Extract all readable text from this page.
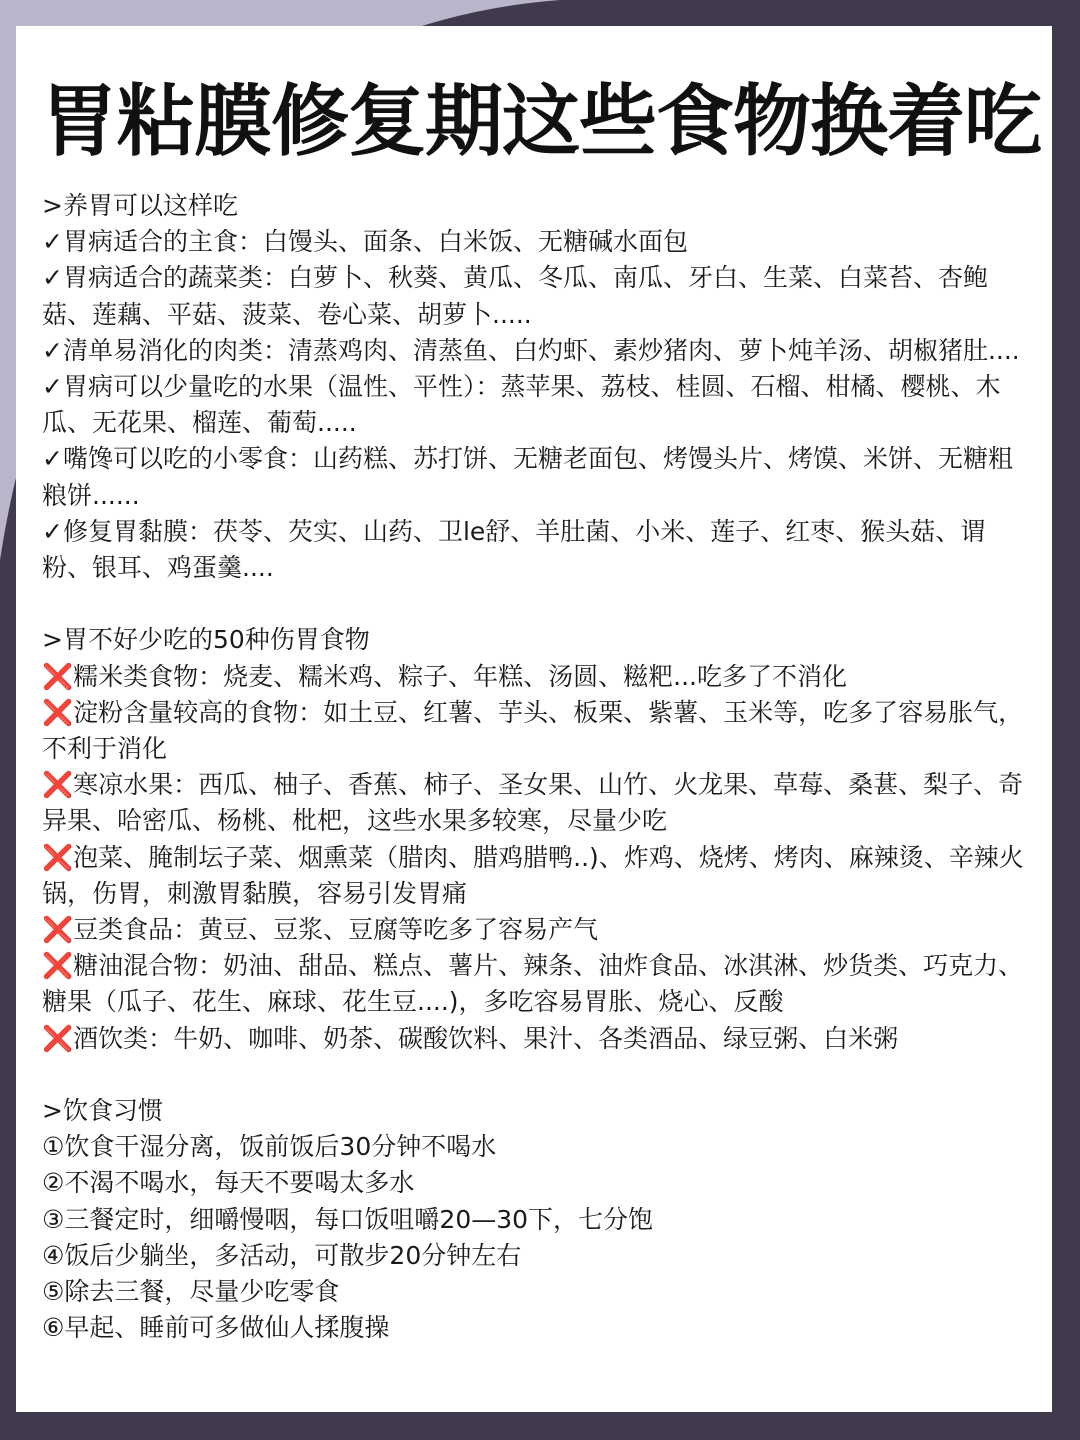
胃粘膜修复期这些食物换着吃

>养胃可以这样吃

✓胃病适合的主食：白馒头、面条、白米饭、无糖碱水面包

✓胃病适合的蔬菜类：白萝卜、秋葵、黄瓜、冬瓜、南瓜、牙白、生菜、白菜苔、杏鲍菇、莲藕、平菇、菠菜、卷心菜、胡萝卜.....

✓清单易消化的肉类：清蒸鸡肉、清蒸鱼、白灼虾、素炒猪肉、萝卜炖羊汤、胡椒猪肚....

✓胃病可以少量吃的水果（温性、平性）：蒸苹果、荔枝、桂圆、石榴、柑橘、樱桃、木瓜、无花果、榴莲、葡萄.....

✓嘴馋可以吃的小零食：山药糕、苏打饼、无糖老面包、烤馒头片、烤馍、米饼、无糖粗粮饼......

✓修复胃黏膜：茯苓、芡实、山药、卫le舒、羊肚菌、小米、莲子、红枣、猴头菇、谓粉、银耳、鸡蛋羹....

>胃不好少吃的50种伤胃食物

❌糯米类食物：烧麦、糯米鸡、粽子、年糕、汤圆、糍粑...吃多了不消化

❌淀粉含量较高的食物：如土豆、红薯、芋头、板栗、紫薯、玉米等，吃多了容易胀气，不利于消化

❌寒凉水果：西瓜、柚子、香蕉、柿子、圣女果、山竹、火龙果、草莓、桑葚、梨子、奇异果、哈密瓜、杨桃、枇杷，这些水果多较寒，尽量少吃

❌泡菜、腌制坛子菜、烟熏菜（腊肉、腊鸡腊鸭..)、炸鸡、烧烤、烤肉、麻辣烫、辛辣火锅，伤胃，刺激胃黏膜，容易引发胃痛

❌豆类食品：黄豆、豆浆、豆腐等吃多了容易产气

❌糖油混合物：奶油、甜品、糕点、薯片、辣条、油炸食品、冰淇淋、炒货类、巧克力、糖果（瓜子、花生、麻球、花生豆....)，多吃容易胃胀、烧心、反酸

❌酒饮类：牛奶、咖啡、奶茶、碳酸饮料、果汁、各类酒品、绿豆粥、白米粥

>饮食习惯

①饮食干湿分离，饭前饭后30分钟不喝水

②不渴不喝水，每天不要喝太多水

③三餐定时，细嚼慢咽，每口饭咀嚼20—30下，七分饱

④饭后少躺坐，多活动，可散步20分钟左右

⑤除去三餐，尽量少吃零食

⑥早起、睡前可多做仙人揉腹操
